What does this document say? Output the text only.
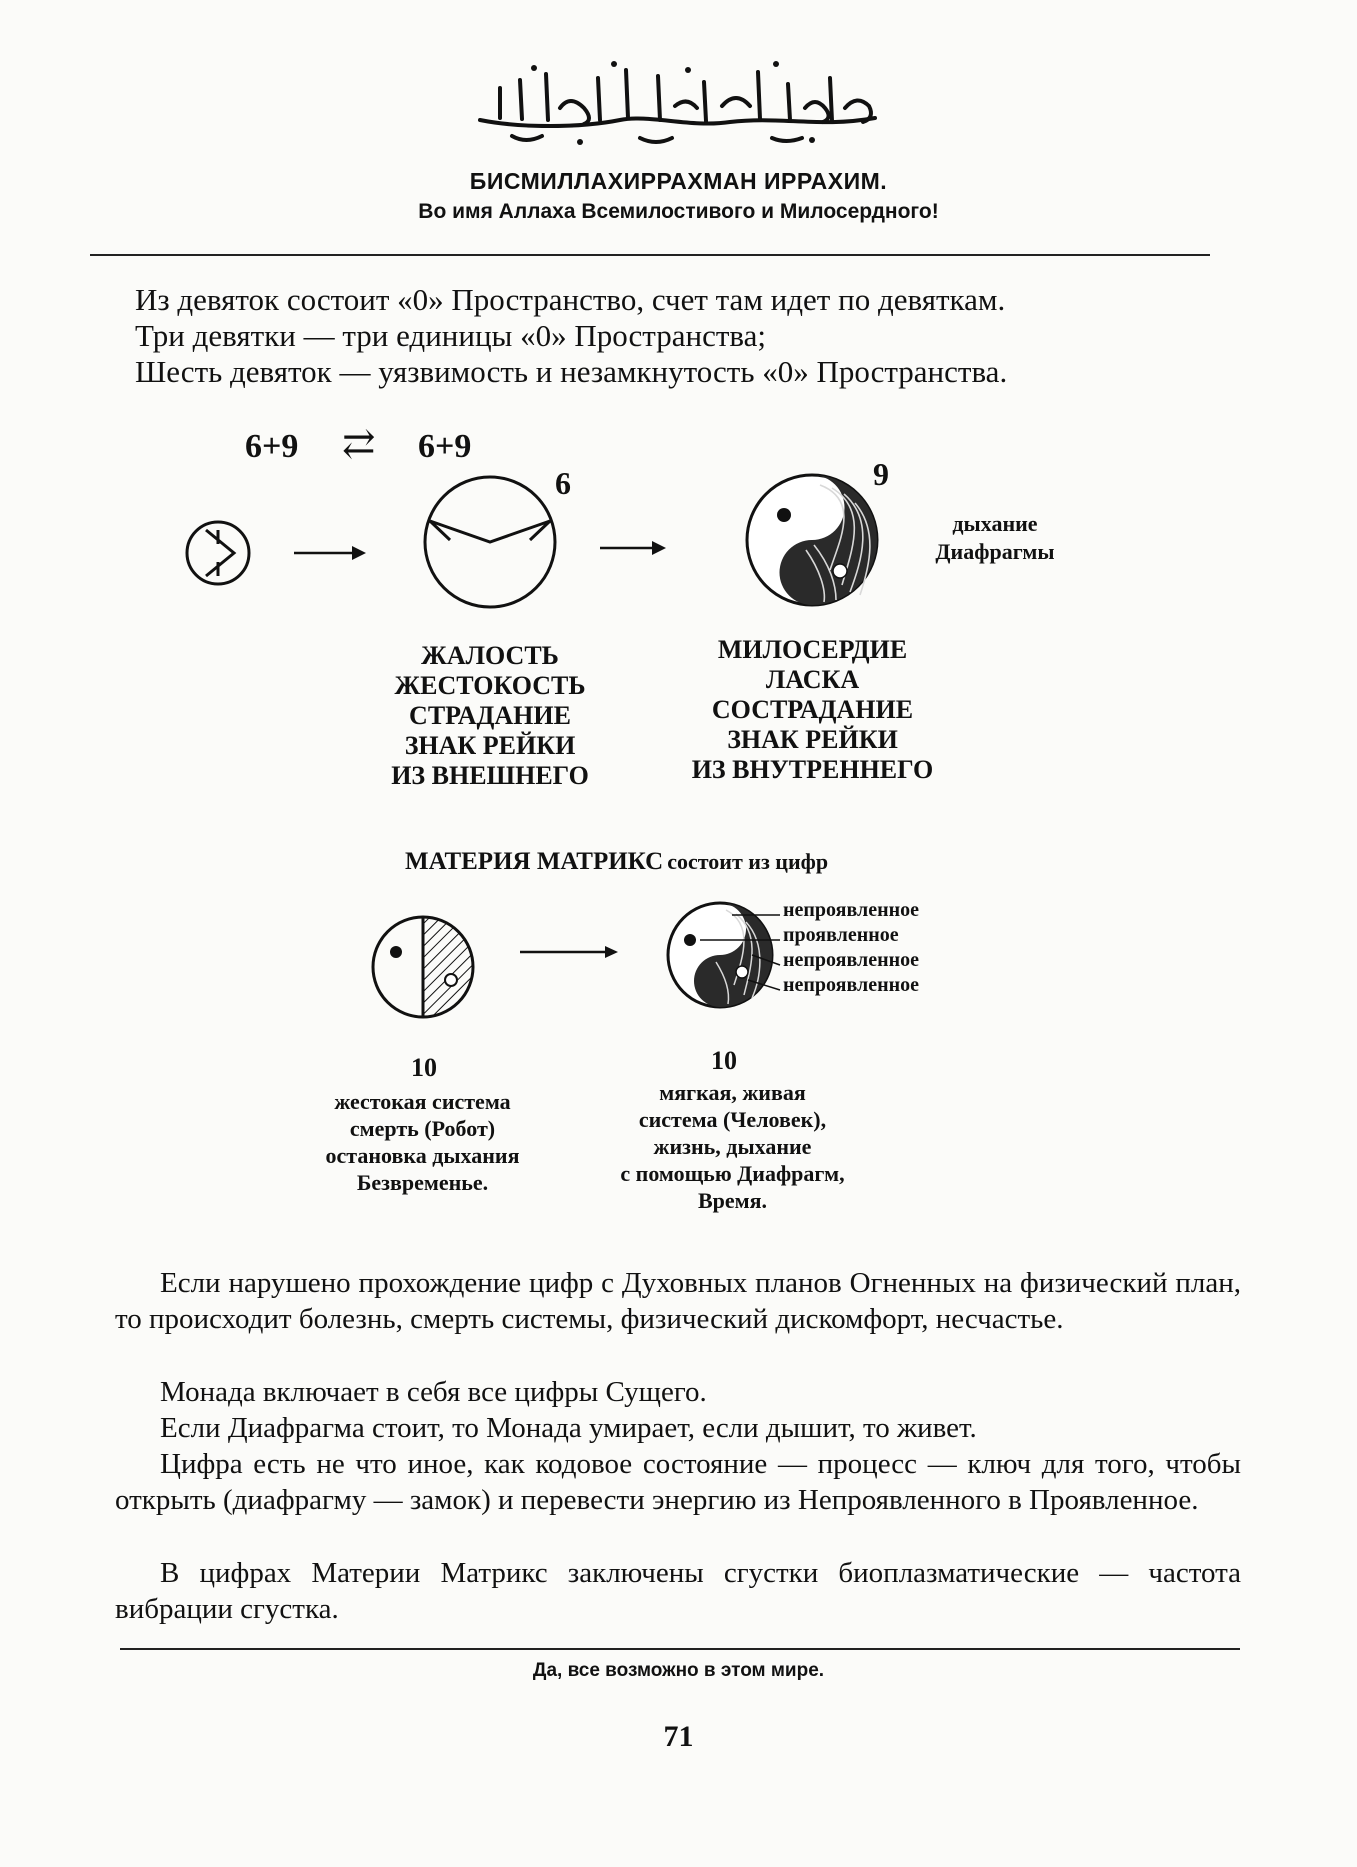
БИСМИЛЛАХИРРАХМАН ИРРАХИМ.
Во имя Аллаха Всемилостивого и Милосердного!
Из девяток состоит «0» Пространство, счет там идет по девяткам.
Три девятки — три единицы «0» Пространства;
Шесть девяток — уязвимость и незамкнутость «0» Пространства.
6+9 ⇄ 6+9
6	9
дыхание
Диафрагмы
ЖАЛОСТЬ
ЖЕСТОКОСТЬ
СТРАДАНИЕ
ЗНАК РЕЙКИ
ИЗ ВНЕШНЕГО
МИЛОСЕРДИЕ
ЛАСКА
СОСТРАДАНИЕ
ЗНАК РЕЙКИ
ИЗ ВНУТРЕННЕГО
МАТЕРИЯ МАТРИКС состоит из цифр
непроявленное
проявленное
непроявленное
непроявленное
10	10
жестокая система
смерть (Робот)
остановка дыхания
Безвременье.
мягкая, живая
система (Человек),
жизнь, дыхание
с помощью Диафрагм,
Время.
Если нарушено прохождение цифр с Духовных планов Огненных на физический план, то происходит болезнь, смерть системы, физический дискомфорт, несчастье.
Монада включает в себя все цифры Сущего.
Если Диафрагма стоит, то Монада умирает, если дышит, то живет.
Цифра есть не что иное, как кодовое состояние — процесс — ключ для того, чтобы открыть (диафрагму — замок) и перевести энергию из Непроявленного в Проявленное.
В цифрах Материи Матрикс заключены сгустки биоплазматические — частота вибрации сгустка.
Да, все возможно в этом мире.
71
